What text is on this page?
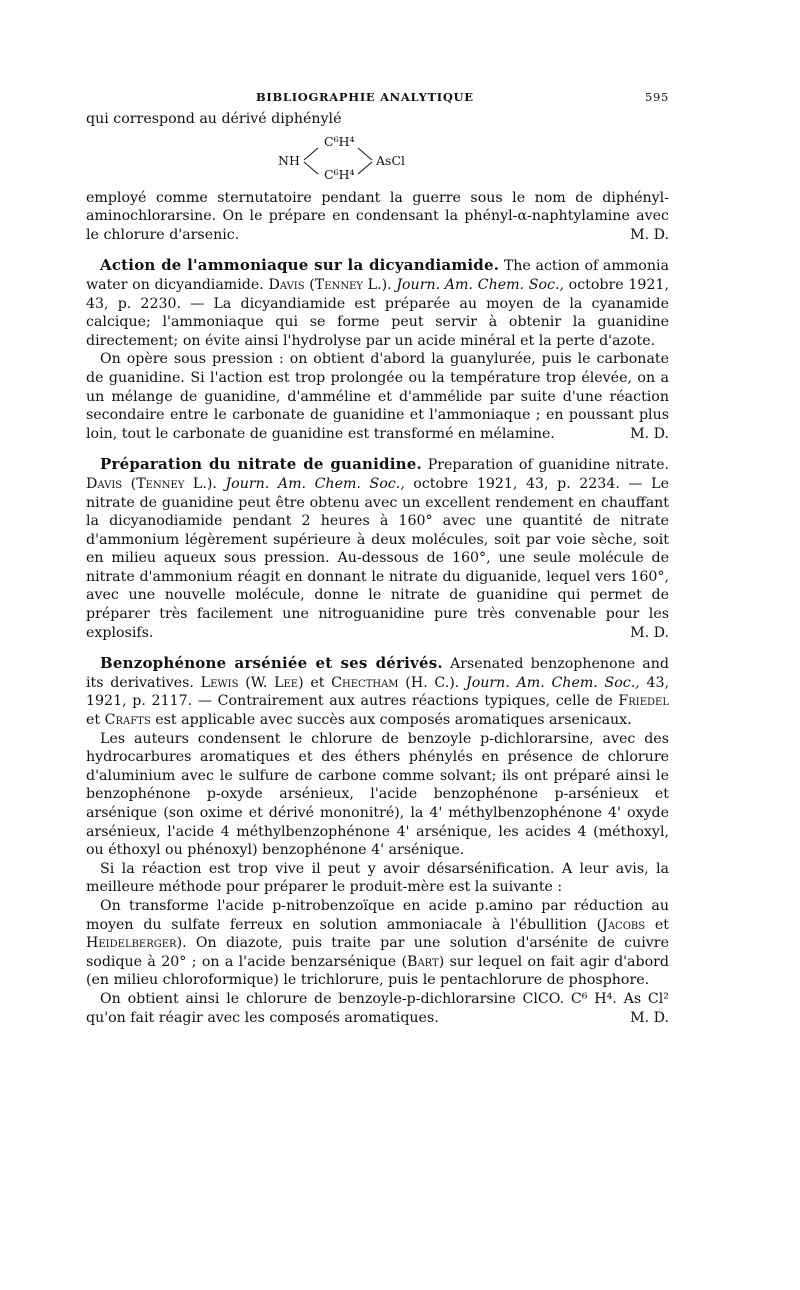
BIBLIOGRAPHIE ANALYTIQUE	595

qui correspond au dérivé diphénylé

NH
C⁶H⁴
C⁶H⁴
AsCl

employé comme sternutatoire pendant la guerre sous le nom de diphényl-aminochlorarsine. On le prépare en condensant la phényl-α-naphtylamine avec le chlorure d'arsenic.	M. D.

Action de l'ammoniaque sur la dicyandiamide. The action of ammonia water on dicyandiamide. Davis (Tenney L.). Journ. Am. Chem. Soc., octobre 1921, 43, p. 2230. — La dicyandiamide est préparée au moyen de la cyanamide calcique; l'ammoniaque qui se forme peut servir à obtenir la guanidine directement; on évite ainsi l'hydrolyse par un acide minéral et la perte d'azote.

On opère sous pression : on obtient d'abord la guanylurée, puis le carbonate de guanidine. Si l'action est trop prolongée ou la température trop élevée, on a un mélange de guanidine, d'amméline et d'ammélide par suite d'une réaction secondaire entre le carbonate de guanidine et l'ammoniaque ; en poussant plus loin, tout le carbonate de guanidine est transformé en mélamine.	M. D.

Préparation du nitrate de guanidine. Preparation of guanidine nitrate. Davis (Tenney L.). Journ. Am. Chem. Soc., octobre 1921, 43, p. 2234. — Le nitrate de guanidine peut être obtenu avec un excellent rendement en chauffant la dicyanodiamide pendant 2 heures à 160° avec une quantité de nitrate d'ammonium légèrement supérieure à deux molécules, soit par voie sèche, soit en milieu aqueux sous pression. Au-dessous de 160°, une seule molécule de nitrate d'ammonium réagit en donnant le nitrate du diguanide, lequel vers 160°, avec une nouvelle molécule, donne le nitrate de guanidine qui permet de préparer très facilement une nitroguanidine pure très convenable pour les explosifs.	M. D.

Benzophénone arséniée et ses dérivés. Arsenated benzophenone and its derivatives. Lewis (W. Lee) et Chectham (H. C.). Journ. Am. Chem. Soc., 43, 1921, p. 2117. — Contrairement aux autres réactions typiques, celle de Friedel et Crafts est applicable avec succès aux composés aromatiques arsenicaux.

Les auteurs condensent le chlorure de benzoyle p-dichlorarsine, avec des hydrocarbures aromatiques et des éthers phénylés en présence de chlorure d'aluminium avec le sulfure de carbone comme solvant; ils ont préparé ainsi le benzophénone p-oxyde arsénieux, l'acide benzophénone p-arsénieux et arsénique (son oxime et dérivé mononitré), la 4' méthylbenzophénone 4' oxyde arsénieux, l'acide 4 méthylbenzophénone 4' arsénique, les acides 4 (méthoxyl, ou éthoxyl ou phénoxyl) benzophénone 4' arsénique.

Si la réaction est trop vive il peut y avoir désarsénification. A leur avis, la meilleure méthode pour préparer le produit-mère est la suivante :

On transforme l'acide p-nitrobenzoïque en acide p.amino par réduction au moyen du sulfate ferreux en solution ammoniacale à l'ébullition (Jacobs et Heidelberger). On diazote, puis traite par une solution d'arsénite de cuivre sodique à 20° ; on a l'acide benzarsénique (Bart) sur lequel on fait agir d'abord (en milieu chloroformique) le trichlorure, puis le pentachlorure de phosphore.

On obtient ainsi le chlorure de benzoyle-p-dichlorarsine ClCO. C⁶ H⁴. As Cl² qu'on fait réagir avec les composés aromatiques.	M. D.
